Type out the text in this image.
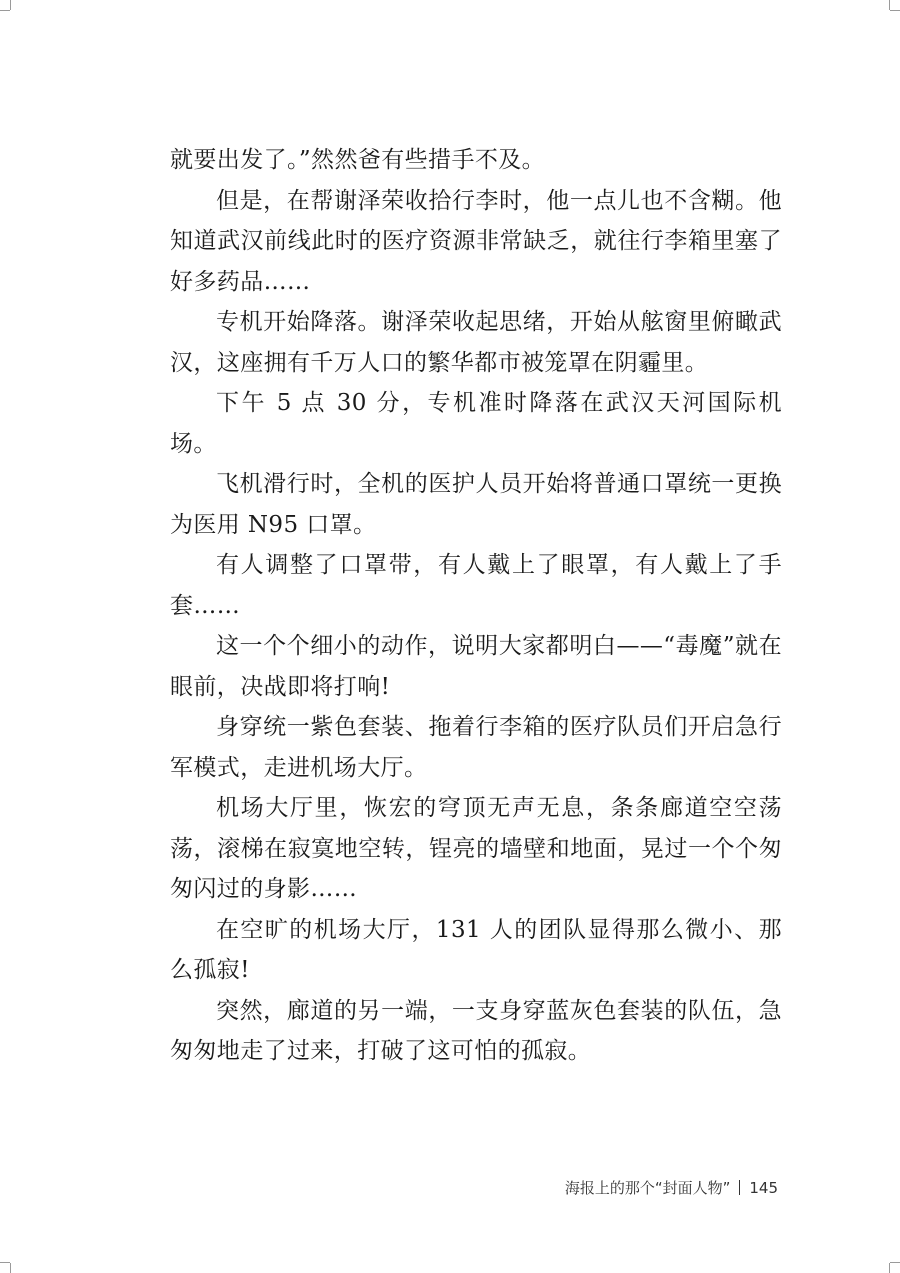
就要出发了。”然然爸有些措手不及。

但是，在帮谢泽荣收拾行李时，他一点儿也不含糊。他知道武汉前线此时的医疗资源非常缺乏，就往行李箱里塞了好多药品……

专机开始降落。谢泽荣收起思绪，开始从舷窗里俯瞰武汉，这座拥有千万人口的繁华都市被笼罩在阴霾里。

下午 5 点 30 分，专机准时降落在武汉天河国际机场。

飞机滑行时，全机的医护人员开始将普通口罩统一更换为医用 N95 口罩。

有人调整了口罩带，有人戴上了眼罩，有人戴上了手套……

这一个个细小的动作，说明大家都明白——“毒魔”就在眼前，决战即将打响!

身穿统一紫色套装、拖着行李箱的医疗队员们开启急行军模式，走进机场大厅。

机场大厅里，恢宏的穹顶无声无息，条条廊道空空荡荡，滚梯在寂寞地空转，锃亮的墙壁和地面，晃过一个个匆匆闪过的身影……

在空旷的机场大厅，131 人的团队显得那么微小、那么孤寂!

突然，廊道的另一端，一支身穿蓝灰色套装的队伍，急匆匆地走了过来，打破了这可怕的孤寂。

海报上的那个“封面人物” 145
